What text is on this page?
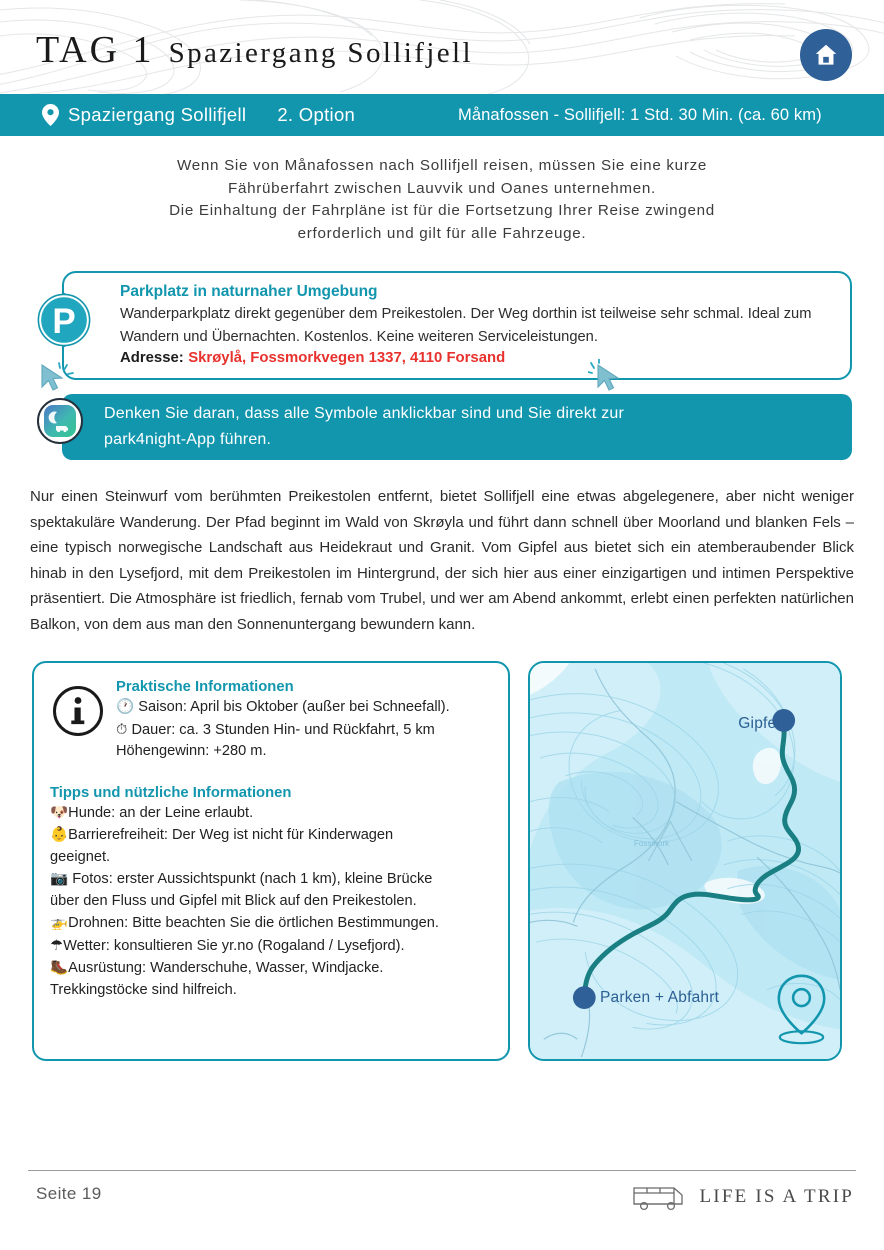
TAG 1 Spaziergang Sollifjell
Spaziergang Sollifjell 2. Option	Månafossen - Sollifjell: 1 Std. 30 Min. (ca. 60 km)
Wenn Sie von Månafossen nach Sollifjell reisen, müssen Sie eine kurze
Fährüberfahrt zwischen Lauvvik und Oanes unternehmen.
Die Einhaltung der Fahrpläne ist für die Fortsetzung Ihrer Reise zwingend
erforderlich und gilt für alle Fahrzeuge.
Parkplatz in naturnaher Umgebung
Wanderparkplatz direkt gegenüber dem Preikestolen. Der Weg dorthin ist teilweise sehr schmal. Ideal zum Wandern und Übernachten. Kostenlos. Keine weiteren Serviceleistungen.
Adresse: Skrøylå, Fossmorkvegen 1337, 4110 Forsand
P
Denken Sie daran, dass alle Symbole anklickbar sind und Sie direkt zur
park4night-App führen.
Nur einen Steinwurf vom berühmten Preikestolen entfernt, bietet Sollifjell eine etwas abgelegenere, aber nicht weniger spektakuläre Wanderung. Der Pfad beginnt im Wald von Skrøyla und führt dann schnell über Moorland und blanken Fels – eine typisch norwegische Landschaft aus Heidekraut und Granit. Vom Gipfel aus bietet sich ein atemberaubender Blick hinab in den Lysefjord, mit dem Preikestolen im Hintergrund, der sich hier aus einer einzigartigen und intimen Perspektive präsentiert. Die Atmosphäre ist friedlich, fernab vom Trubel, und wer am Abend ankommt, erlebt einen perfekten natürlichen Balkon, von dem aus man den Sonnenuntergang bewundern kann.
Praktische Informationen
🕐 Saison: April bis Oktober (außer bei Schneefall).
⏱ Dauer: ca. 3 Stunden Hin- und Rückfahrt, 5 km
Höhengewinn: +280 m.
Tipps und nützliche Informationen
🐶Hunde: an der Leine erlaubt.
👶Barrierefreiheit: Der Weg ist nicht für Kinderwagen
geeignet.
📷 Fotos: erster Aussichtspunkt (nach 1 km), kleine Brücke
über den Fluss und Gipfel mit Blick auf den Preikestolen.
🚁Drohnen: Bitte beachten Sie die örtlichen Bestimmungen.
☂Wetter: konsultieren Sie yr.no (Rogaland / Lysefjord).
🥾Ausrüstung: Wanderschuhe, Wasser, Windjacke.
Trekkingstöcke sind hilfreich.
Gipfel
Parken + Abfahrt
Fossmork
Seite 19	LIFE IS A TRIP
